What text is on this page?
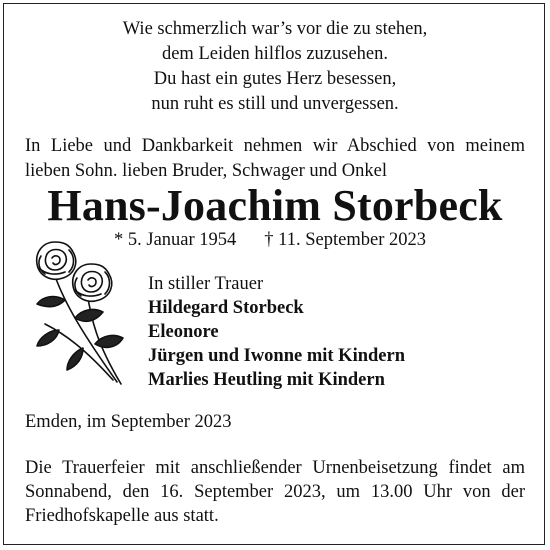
Wie schmerzlich war’s vor die zu stehen,
dem Leiden hilflos zuzusehen.
Du hast ein gutes Herz besessen,
nun ruht es still und unvergessen.
In Liebe und Dankbarkeit nehmen wir Abschied von meinem
lieben Sohn. lieben Bruder, Schwager und Onkel
Hans-Joachim Storbeck
* 5. Januar 1954 † 11. September 2023
In stiller Trauer
Hildegard Storbeck
Eleonore
Jürgen und Iwonne mit Kindern
Marlies Heutling mit Kindern
Emden, im September 2023
Die Trauerfeier mit anschließender Urnenbeisetzung findet am
Sonnabend, den 16. September 2023, um 13.00 Uhr von der
Friedhofskapelle aus statt.
